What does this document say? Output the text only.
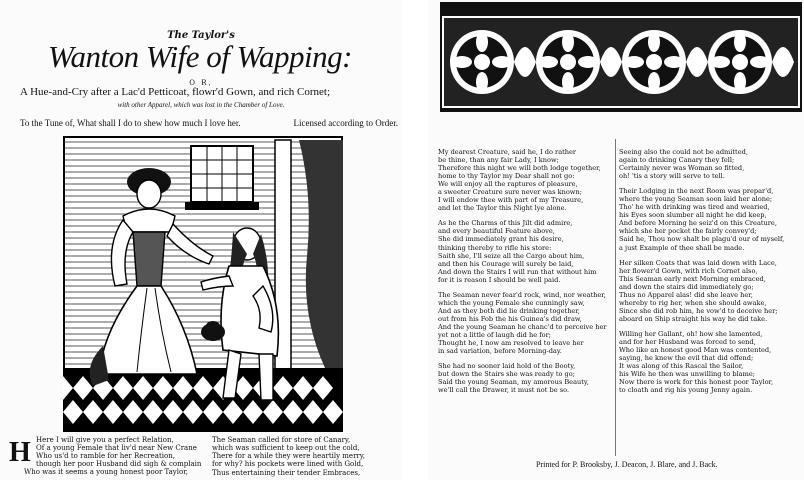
The Taylor's
Wanton Wife of Wapping:
O R,
A Hue-and-Cry after a Lac'd Petticoat, flowr'd Gown, and rich Cornet;
with other Apparel, which was lost in the Chamber of Love.
To the Tune of, What shall I do to shew how much I love her.	Licensed according to Order.
H Here I will give you a perfect Relation,
Of a young Female that liv'd near New Crane
Who us'd to ramble for her Recreation,
though her poor Husband did sigh & complain
Who was it seems a young honest poor Taylor,
The Seaman called for store of Canary,
which was sufficient to keep out the cold,
There for a while they were heartily merry,
for why? his pockets were lined with Gold,
Thus entertaining their tender Embraces,
My dearest Creature, said he, I do rather
be thine, than any fair Lady, I know;
Therefore this night we will both lodge together,
home to thy Taylor my Dear shall not go:
We will enjoy all the raptures of pleasure,
a sweeter Creature sure never was known;
I will endow thee with part of my Treasure,
and let the Taylor this Night lye alone.
As he the Charms of this Jilt did admire,
and every beautiful Feature above,
She did immediately grant his desire,
thinking thereby to rifle his store:
Saith she, I'll seize all the Cargo about him,
and then his Courage will surely be laid,
And down the Stairs I will run that without him
for it is reason I should be well paid.
The Seaman never fear'd rock, wind, nor weather,
which the young Female she cunningly saw,
And as they both did lie drinking together,
out from his Fob the his Guinea's did draw,
And the young Seaman he chanc'd to perceive her
yet not a little of laugh did he for;
Thought he, I now am resolved to leave her
in sad variation, before Morning-day.
She had no sooner laid hold of the Booty,
but down the Stairs she was ready to go;
Said the young Seaman, my amorous Beauty,
we'll call the Drawer, it must not be so.
Seeing also the could not be admitted,
again to drinking Canary they fell;
Certainly never was Woman so fitted,
oh! 'tis a story will serve to tell.
Their Lodging in the next Room was prepar'd,
where the young Seaman soon laid her alone;
Tho' he with drinking was tired and wearied,
his Eyes soon slumber all night he did keep,
And before Morning he seiz'd on this Creature,
which she her pocket the fairly convey'd;
Said he, Thou now shalt be plagu'd our of myself,
a just Example of thee shall be made.
Her silken Coats that was laid down with Lace,
her flower'd Gown, with rich Cornet also,
This Seaman early next Morning embraced,
and down the stairs did immediately go;
Thus no Apparel alas! did she leave her,
whereby to rig her, when she should awake,
Since she did rob him, he vow'd to deceive her;
aboard on Ship straight his way he did take.
Willing her Gallant, oh! how she lamented,
and for her Husband was forced to send,
Who like an honest good Man was contented,
saying, he knew the evil that did offend;
It was along of this Rascal the Sailor,
his Wife he then was unwilling to blame;
Now there is work for this honest poor Taylor,
to cloath and rig his young Jenny again.
Printed for P. Brooksby, J. Deacon, J. Blare, and J. Back.
